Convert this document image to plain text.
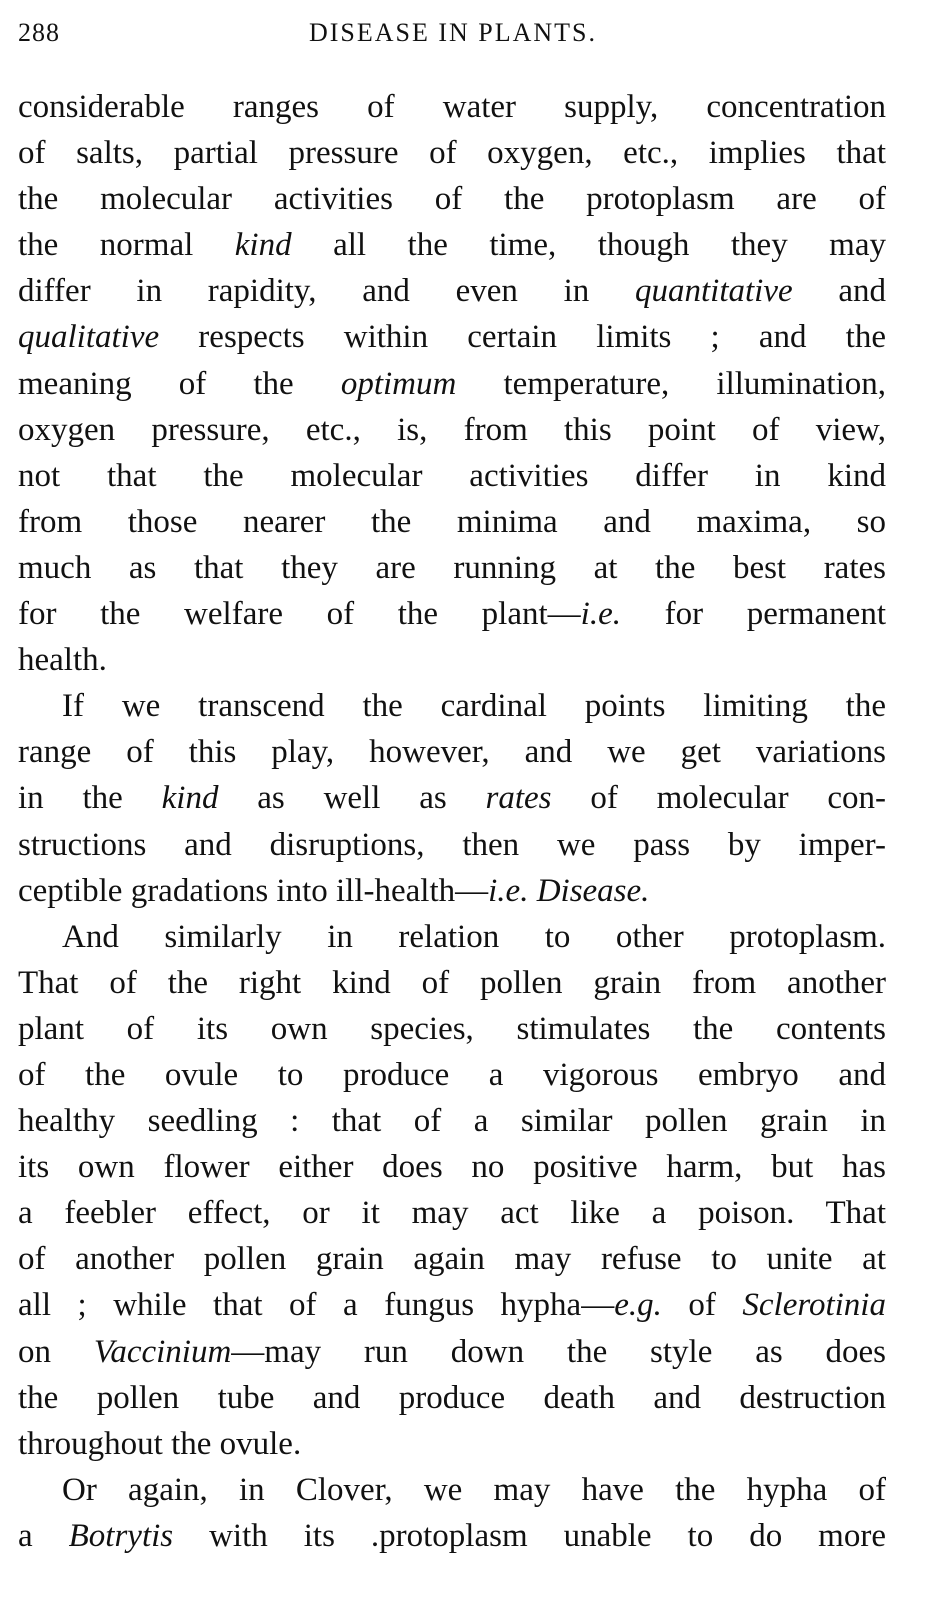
288	DISEASE IN PLANTS.
considerable ranges of water supply, concentration
of salts, partial pressure of oxygen, etc., implies that
the molecular activities of the protoplasm are of
the normal kind all the time, though they may
differ in rapidity, and even in quantitative and
qualitative respects within certain limits ; and the
meaning of the optimum temperature, illumination,
oxygen pressure, etc., is, from this point of view,
not that the molecular activities differ in kind
from those nearer the minima and maxima, so
much as that they are running at the best rates
for the welfare of the plant—i.e. for permanent
health.
If we transcend the cardinal points limiting the
range of this play, however, and we get variations
in the kind as well as rates of molecular con-
structions and disruptions, then we pass by imper-
ceptible gradations into ill-health—i.e. Disease.
And similarly in relation to other protoplasm.
That of the right kind of pollen grain from another
plant of its own species, stimulates the contents
of the ovule to produce a vigorous embryo and
healthy seedling : that of a similar pollen grain in
its own flower either does no positive harm, but has
a feebler effect, or it may act like a poison. That
of another pollen grain again may refuse to unite at
all ; while that of a fungus hypha—e.g. of Sclerotinia
on Vaccinium—may run down the style as does
the pollen tube and produce death and destruction
throughout the ovule.
Or again, in Clover, we may have the hypha of
a Botrytis with its .protoplasm unable to do more
